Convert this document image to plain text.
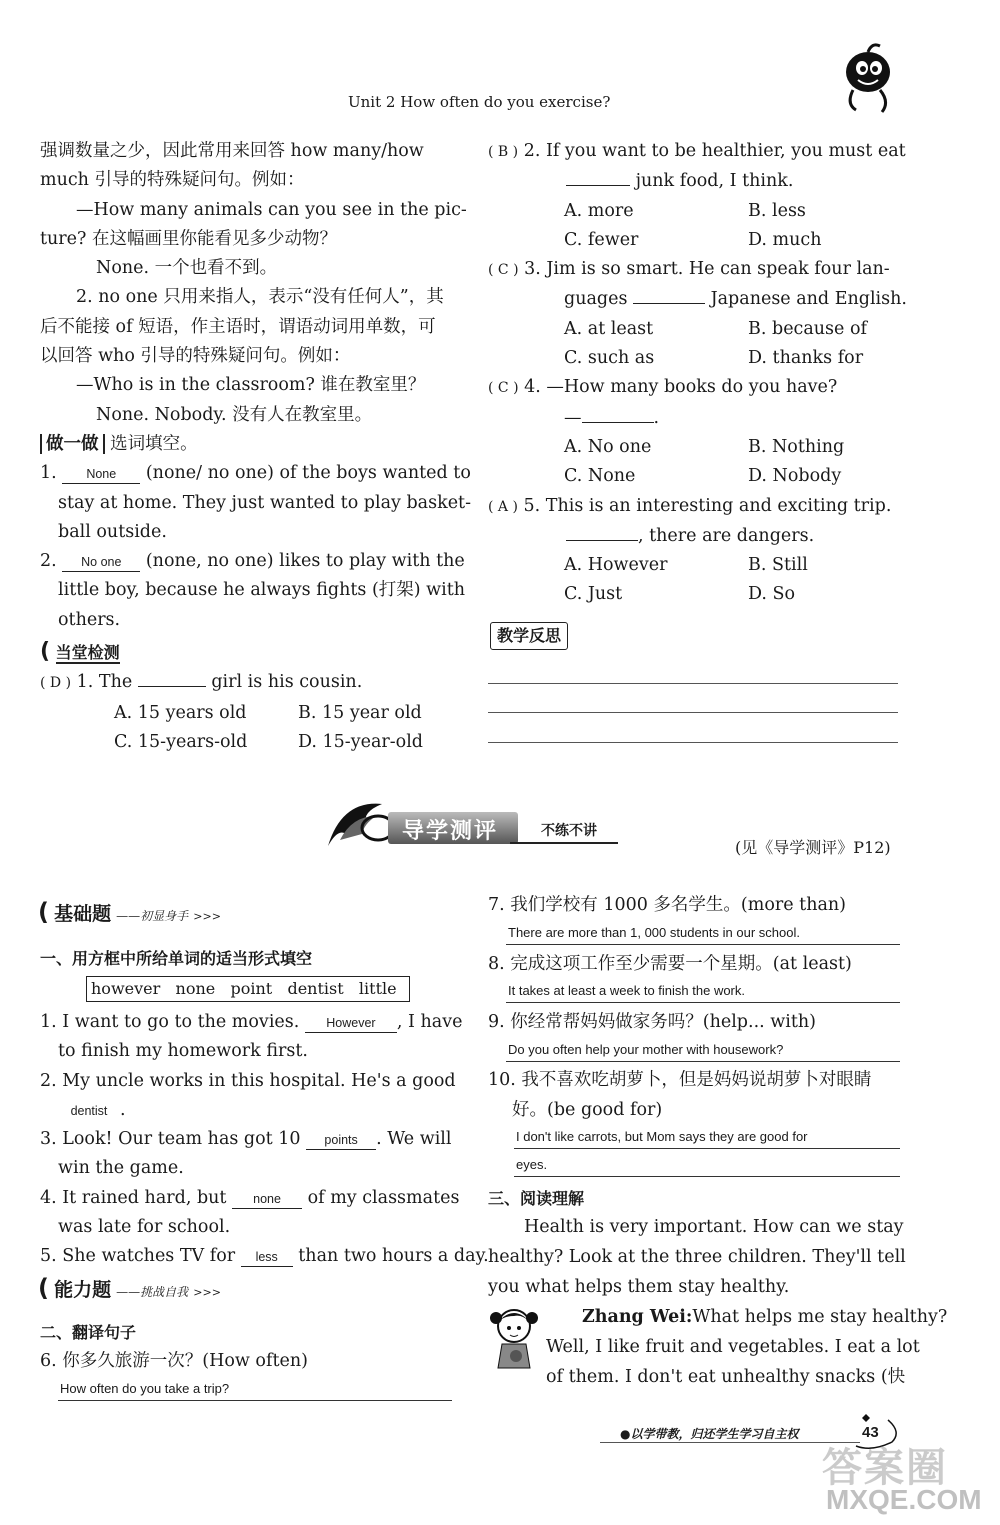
Unit 2 How often do you exercise?
强调数量之少，因此常用来回答 how many/how
much 引导的特殊疑问句。例如：
—How many animals can you see in the pic-
ture? 在这幅画里你能看见多少动物？
None. 一个也看不到。
2. no one 只用来指人，表示“没有任何人”，其
后不能接 of 短语，作主语时，谓语动词用单数，可
以回答 who 引导的特殊疑问句。例如：
—Who is in the classroom? 谁在教室里？
None. Nobody. 没有人在教室里。
做一做 选词填空。
1. None (none/ no one) of the boys wanted to
stay at home. They just wanted to play basket-
ball outside.
2. No one (none, no one) likes to play with the
little boy, because he always fights (打架) with
others.
( 当堂检测
( D ) 1. The	girl is his cousin.
A. 15 years old	B. 15 year old
C. 15-years-old	D. 15-year-old
( B ) 2. If you want to be healthier, you must eat
junk food, I think.
A. more	B. less
C. fewer	D. much
( C ) 3. Jim is so smart. He can speak four lan-
guages	Japanese and English.
A. at least	B. because of
C. such as	D. thanks for
( C ) 4. —How many books do you have?
—	.
A. No one	B. Nothing
C. None	D. Nobody
( A ) 5. This is an interesting and exciting trip.
, there are dangers.
A. However	B. Still
C. Just	D. So
教学反思
导学测评	不练不讲
(见《导学测评》P12)
( 基础题 ——初显身手 >>>
一、用方框中所给单词的适当形式填空
however   none   point   dentist   little
1. I want to go to the movies. However , I have
to finish my homework first.
2. My uncle works in this hospital. He's a good
dentist .
3. Look! Our team has got 10 points . We will
win the game.
4. It rained hard, but none of my classmates
was late for school.
5. She watches TV for less than two hours a day.
( 能力题 ——挑战自我 >>>
二、翻译句子
6. 你多久旅游一次？(How often)
How often do you take a trip?
7. 我们学校有 1000 多名学生。(more than)
There are more than 1, 000 students in our school.
8. 完成这项工作至少需要一个星期。(at least)
It takes at least a week to finish the work.
9. 你经常帮妈妈做家务吗？(help... with)
Do you often help your mother with housework?
10. 我不喜欢吃胡萝卜，但是妈妈说胡萝卜对眼睛
好。(be good for)
I don't like carrots, but Mom says they are good for
eyes.
三、阅读理解
Health is very important. How can we stay
healthy? Look at the three children. They'll tell
you what helps them stay healthy.
Zhang Wei:What helps me stay healthy?
Well, I like fruit and vegetables. I eat a lot
of them. I don't eat unhealthy snacks (快
●以学带教，归还学生学习自主权	43
答案圈
MXQE.COM
